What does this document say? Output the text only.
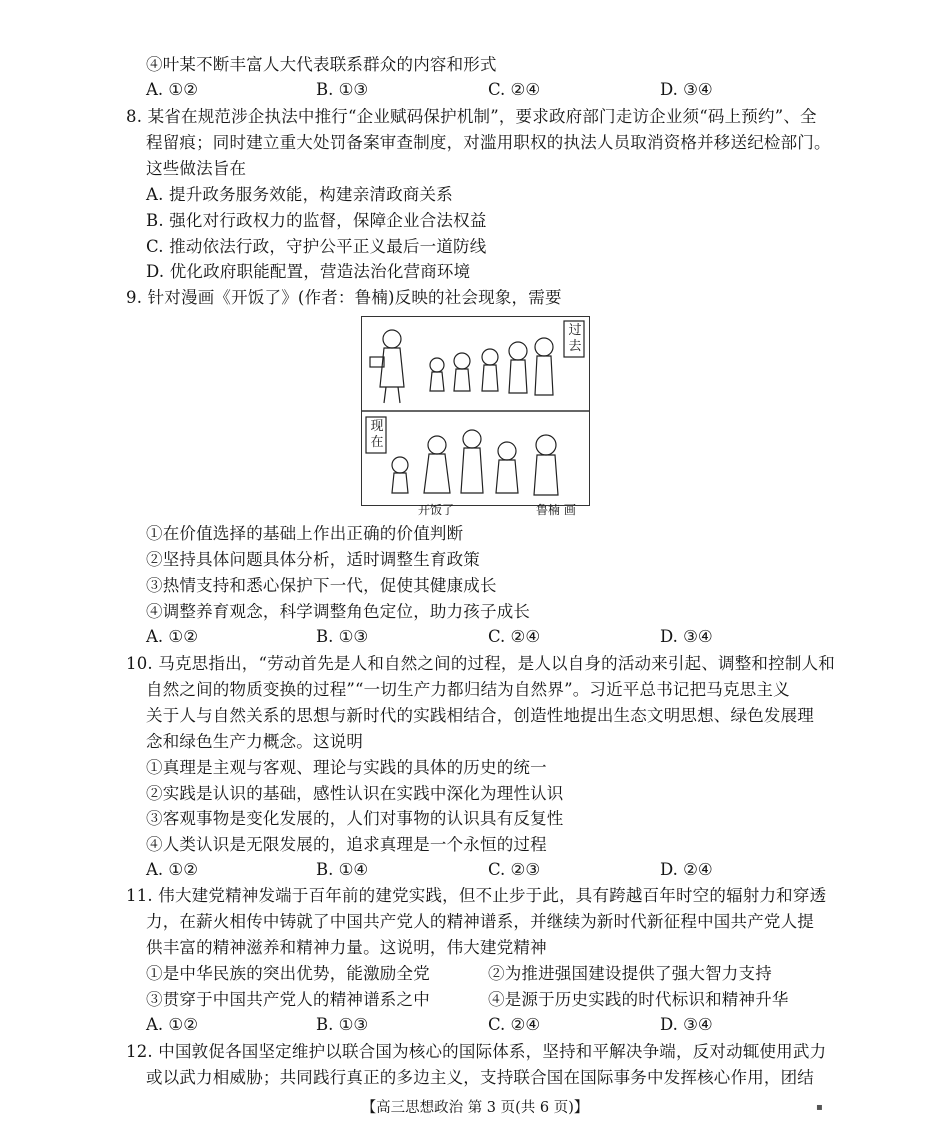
④叶某不断丰富人大代表联系群众的内容和形式
A. ①②	B. ①③	C. ②④	D. ③④
8. 某省在规范涉企执法中推行“企业赋码保护机制”，要求政府部门走访企业须“码上预约”、全
程留痕；同时建立重大处罚备案审查制度，对滥用职权的执法人员取消资格并移送纪检部门。
这些做法旨在
A. 提升政务服务效能，构建亲清政商关系
B. 强化对行政权力的监督，保障企业合法权益
C. 推动依法行政，守护公平正义最后一道防线
D. 优化政府职能配置，营造法治化营商环境
9. 针对漫画《开饭了》(作者：鲁楠)反映的社会现象，需要
过去
现在
开饭了	鲁楠 画
①在价值选择的基础上作出正确的价值判断
②坚持具体问题具体分析，适时调整生育政策
③热情支持和悉心保护下一代，促使其健康成长
④调整养育观念，科学调整角色定位，助力孩子成长
A. ①②	B. ①③	C. ②④	D. ③④
10. 马克思指出，“劳动首先是人和自然之间的过程，是人以自身的活动来引起、调整和控制人和
自然之间的物质变换的过程”“一切生产力都归结为自然界”。习近平总书记把马克思主义
关于人与自然关系的思想与新时代的实践相结合，创造性地提出生态文明思想、绿色发展理
念和绿色生产力概念。这说明
①真理是主观与客观、理论与实践的具体的历史的统一
②实践是认识的基础，感性认识在实践中深化为理性认识
③客观事物是变化发展的，人们对事物的认识具有反复性
④人类认识是无限发展的，追求真理是一个永恒的过程
A. ①②	B. ①④	C. ②③	D. ②④
11. 伟大建党精神发端于百年前的建党实践，但不止步于此，具有跨越百年时空的辐射力和穿透
力，在薪火相传中铸就了中国共产党人的精神谱系，并继续为新时代新征程中国共产党人提
供丰富的精神滋养和精神力量。这说明，伟大建党精神
①是中华民族的突出优势，能激励全党	②为推进强国建设提供了强大智力支持
③贯穿于中国共产党人的精神谱系之中	④是源于历史实践的时代标识和精神升华
A. ①②	B. ①③	C. ②④	D. ③④
12. 中国敦促各国坚定维护以联合国为核心的国际体系，坚持和平解决争端，反对动辄使用武力
或以武力相威胁；共同践行真正的多边主义，支持联合国在国际事务中发挥核心作用，团结
【高三思想政治 第 3 页(共 6 页)】	▪
